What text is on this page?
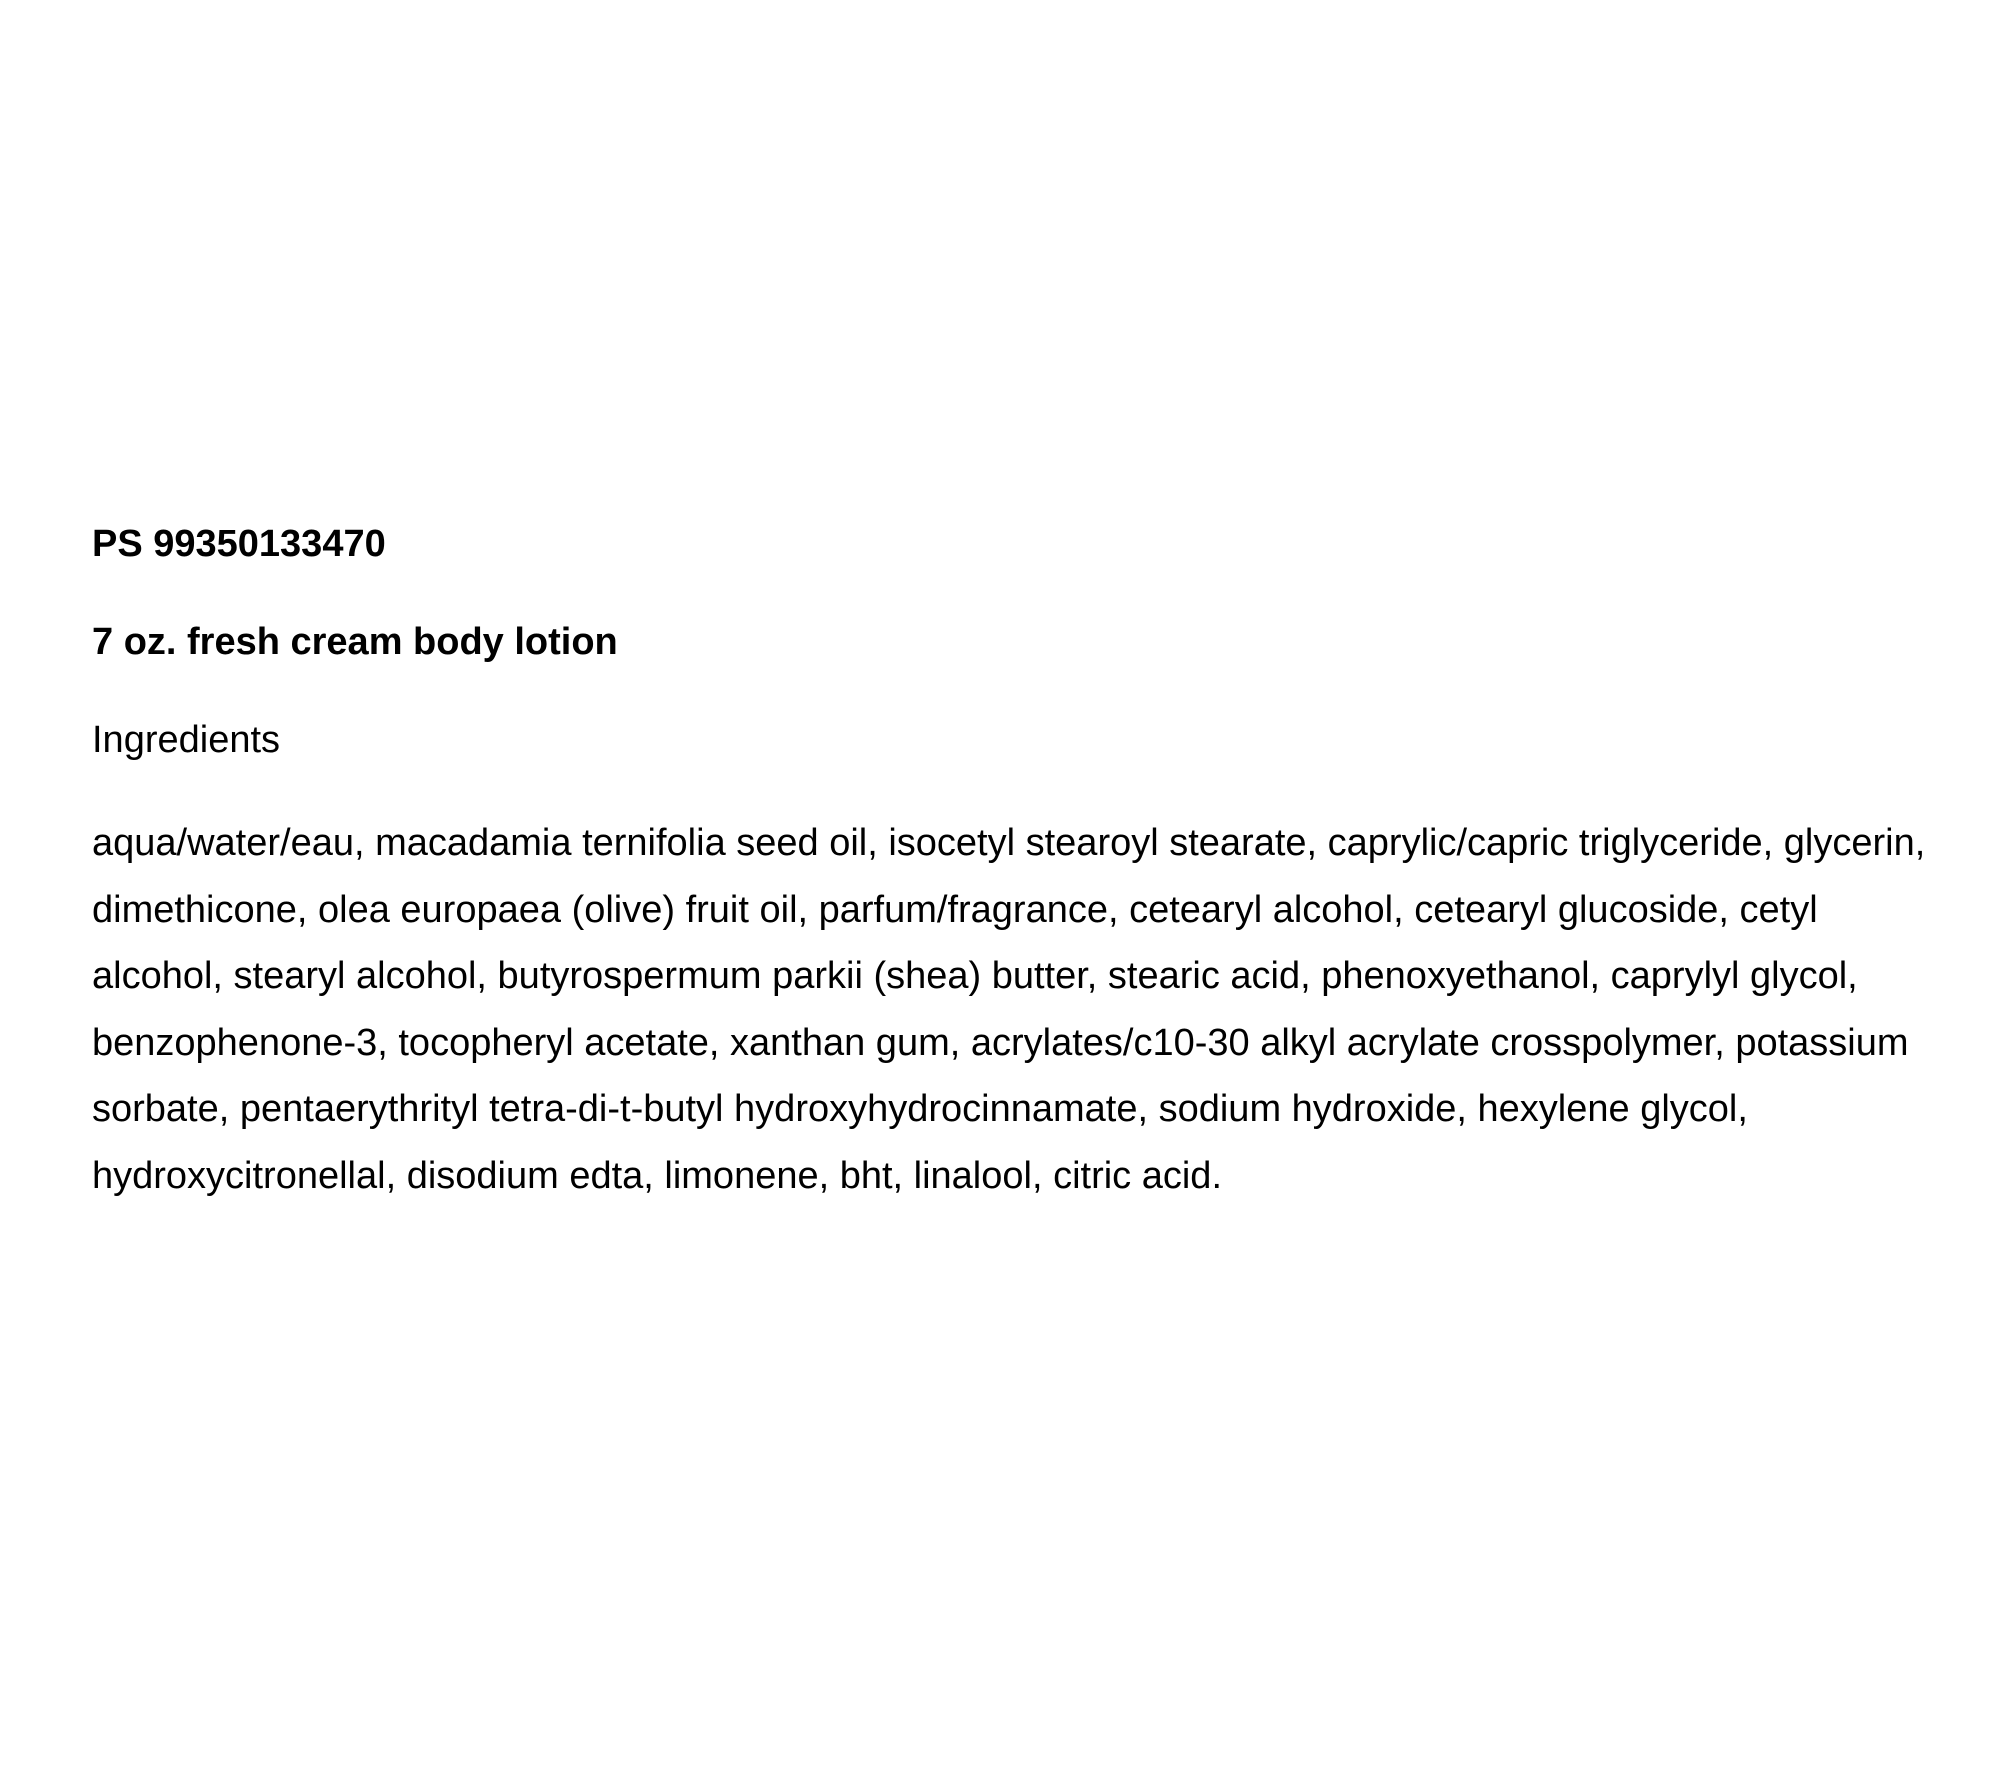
PS 99350133470

7 oz. fresh cream body lotion

Ingredients

aqua/water/eau, macadamia ternifolia seed oil, isocetyl stearoyl stearate, caprylic/capric triglyceride, glycerin, dimethicone, olea europaea (olive) fruit oil, parfum/fragrance, cetearyl alcohol, cetearyl glucoside, cetyl alcohol, stearyl alcohol, butyrospermum parkii (shea) butter, stearic acid, phenoxyethanol, caprylyl glycol, benzophenone-3, tocopheryl acetate, xanthan gum, acrylates/c10-30 alkyl acrylate crosspolymer, potassium sorbate, pentaerythrityl tetra-di-t-butyl hydroxyhydrocinnamate, sodium hydroxide, hexylene glycol, hydroxycitronellal, disodium edta, limonene, bht, linalool, citric acid.
